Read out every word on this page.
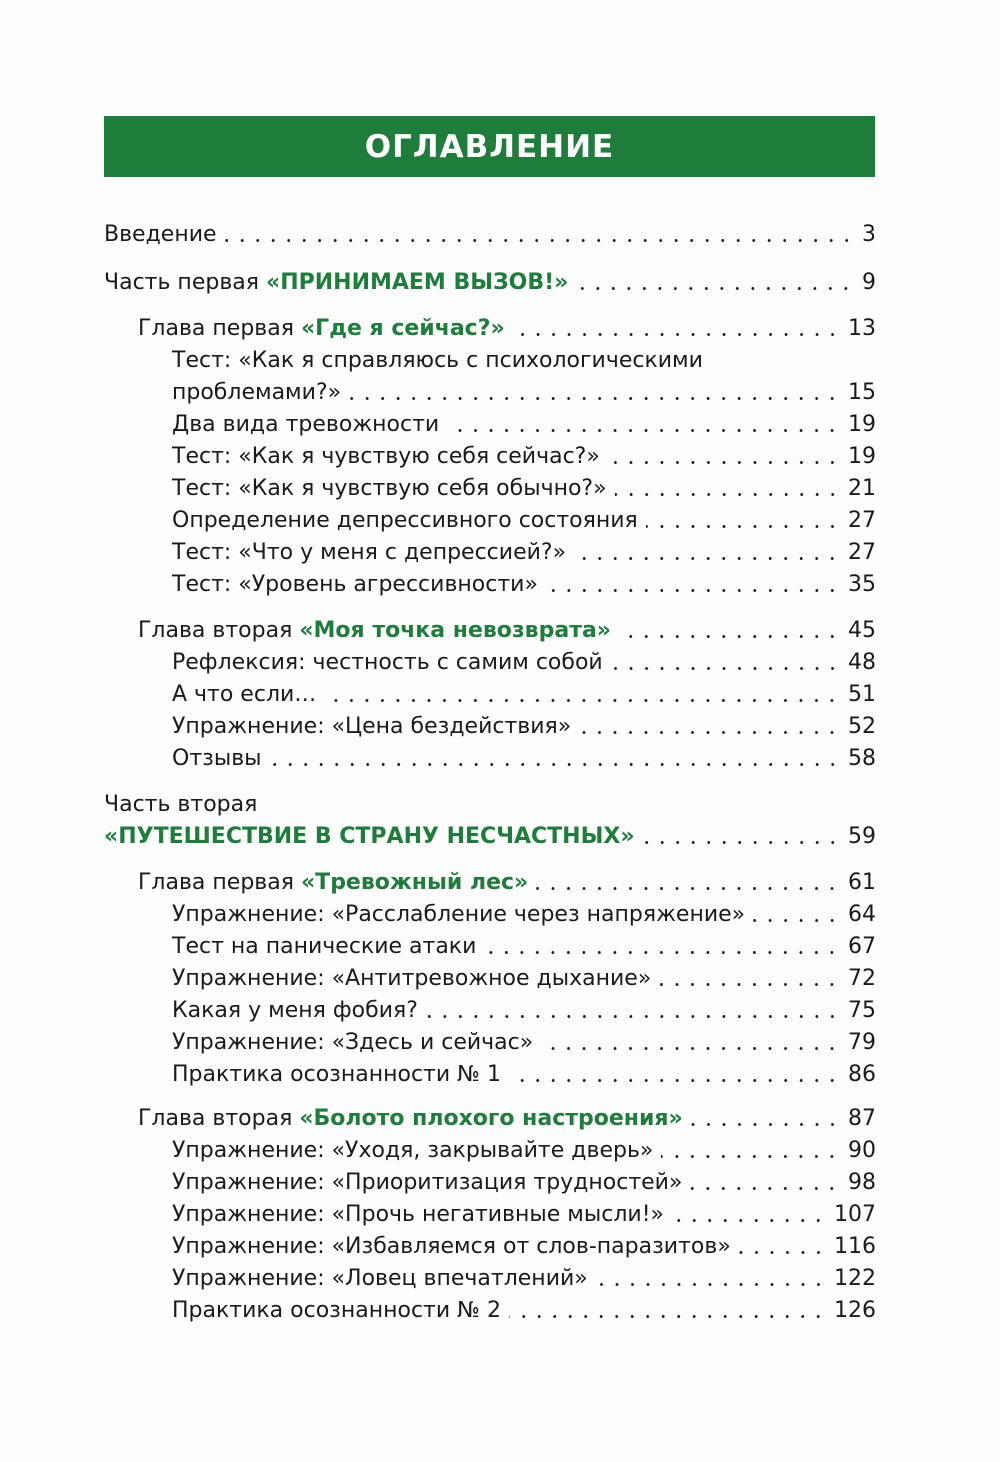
ОГЛАВЛЕНИЕ
Введение	3
Часть первая «ПРИНИМАЕМ ВЫЗОВ!»	9
Глава первая «Где я сейчас?»	13
Тест: «Как я справляюсь с психологическими
проблемами?»	15
Два вида тревожности	19
Тест: «Как я чувствую себя сейчас?»	19
Тест: «Как я чувствую себя обычно?»	21
Определение депрессивного состояния	27
Тест: «Что у меня с депрессией?»	27
Тест: «Уровень агрессивности»	35
Глава вторая «Моя точка невозврата»	45
Рефлексия: честность с самим собой	48
А что если…	51
Упражнение: «Цена бездействия»	52
Отзывы	58
Часть вторая
«ПУТЕШЕСТВИЕ В СТРАНУ НЕСЧАСТНЫХ»	59
Глава первая «Тревожный лес»	61
Упражнение: «Расслабление через напряжение»	64
Тест на панические атаки	67
Упражнение: «Антитревожное дыхание»	72
Какая у меня фобия?	75
Упражнение: «Здесь и сейчас»	79
Практика осознанности № 1	86
Глава вторая «Болото плохого настроения»	87
Упражнение: «Уходя, закрывайте дверь»	90
Упражнение: «Приоритизация трудностей»	98
Упражнение: «Прочь негативные мысли!»	107
Упражнение: «Избавляемся от слов-паразитов»	116
Упражнение: «Ловец впечатлений»	122
Практика осознанности № 2	126
